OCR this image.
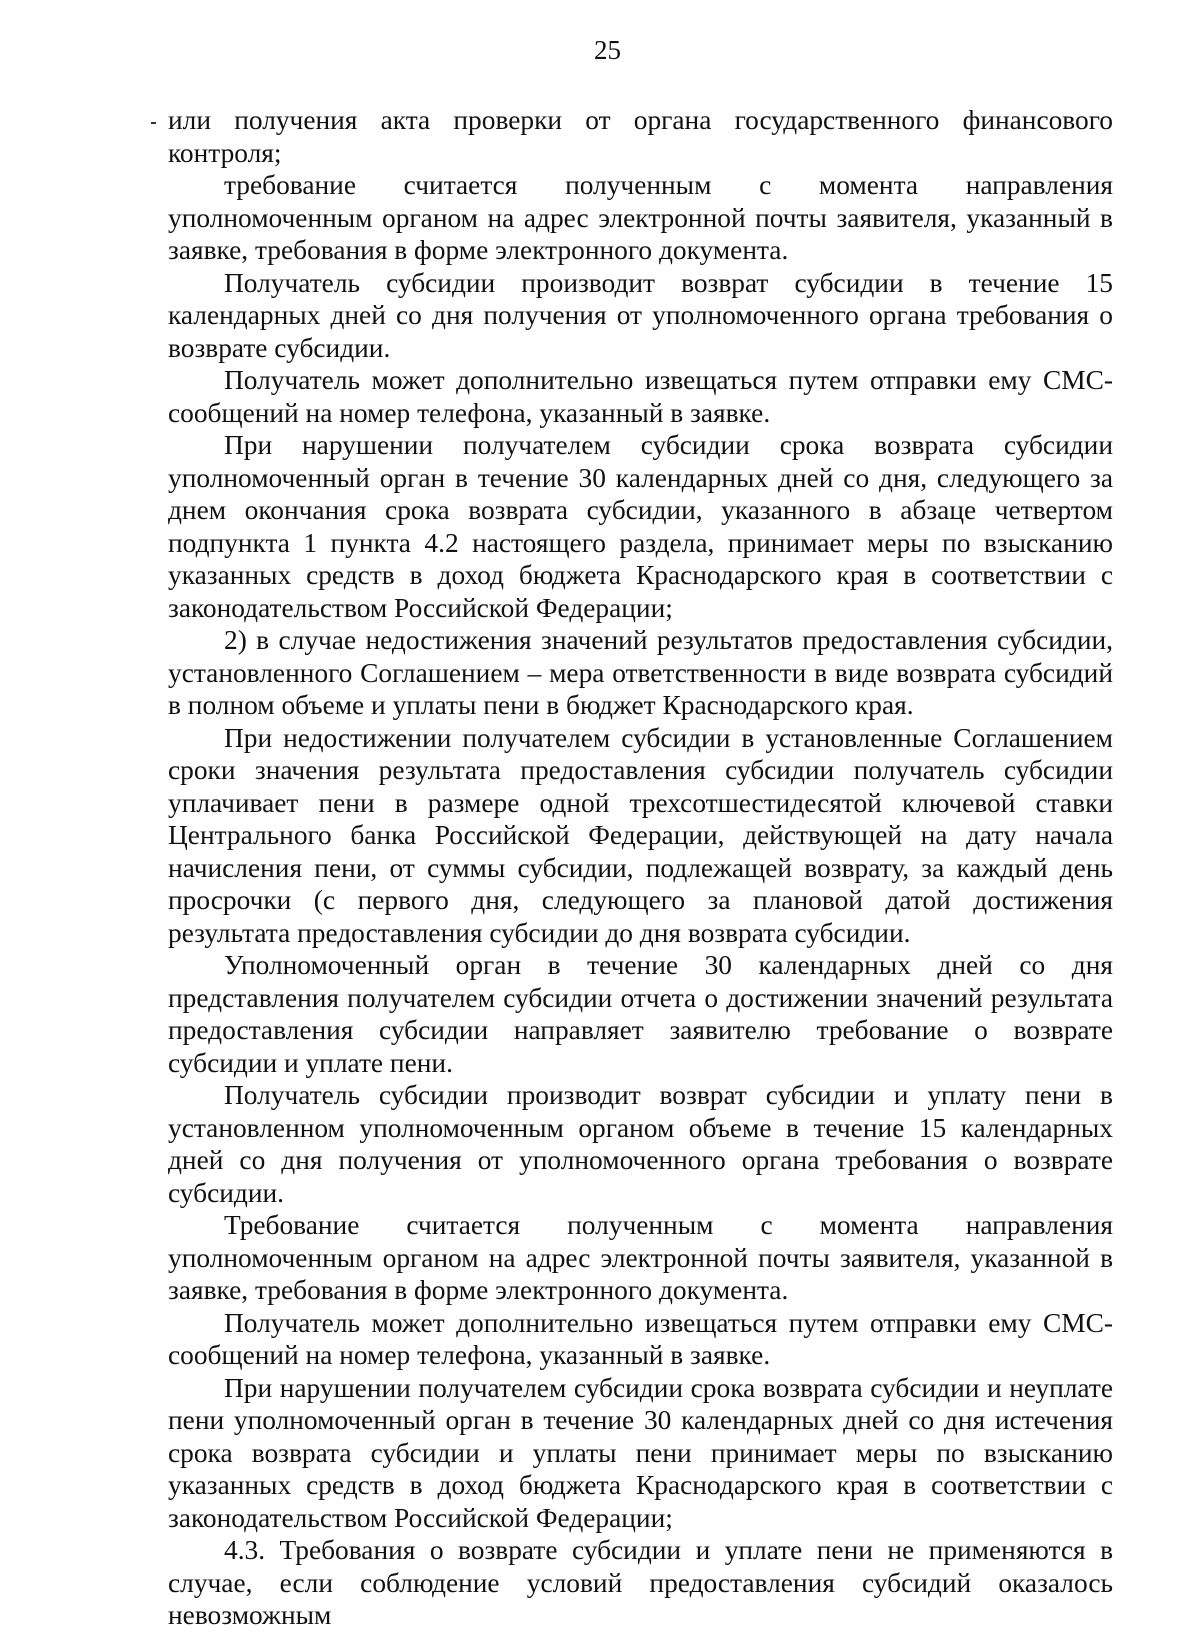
25

или получения акта проверки от органа государственного финансового контроля;

требование считается полученным с момента направления уполномоченным органом на адрес электронной почты заявителя, указанный в заявке, требования в форме электронного документа.

Получатель субсидии производит возврат субсидии в течение 15 календарных дней со дня получения от уполномоченного органа требования о возврате субсидии.

Получатель может дополнительно извещаться путем отправки ему СМС-сообщений на номер телефона, указанный в заявке.

При нарушении получателем субсидии срока возврата субсидии уполномоченный орган в течение 30 календарных дней со дня, следующего за днем окончания срока возврата субсидии, указанного в абзаце четвертом подпункта 1 пункта 4.2 настоящего раздела, принимает меры по взысканию указанных средств в доход бюджета Краснодарского края в соответствии с законодательством Российской Федерации;

2) в случае недостижения значений результатов предоставления субсидии, установленного Соглашением – мера ответственности в виде возврата субсидий в полном объеме и уплаты пени в бюджет Краснодарского края.

При недостижении получателем субсидии в установленные Соглашением сроки значения результата предоставления субсидии получатель субсидии уплачивает пени в размере одной трехсотшестидесятой ключевой ставки Центрального банка Российской Федерации, действующей на дату начала начисления пени, от суммы субсидии, подлежащей возврату, за каждый день просрочки (с первого дня, следующего за плановой датой достижения результата предоставления субсидии до дня возврата субсидии.

Уполномоченный орган в течение 30 календарных дней со дня представления получателем субсидии отчета о достижении значений результата предоставления субсидии направляет заявителю требование о возврате субсидии и уплате пени.

Получатель субсидии производит возврат субсидии и уплату пени в установленном уполномоченным органом объеме в течение 15 календарных дней со дня получения от уполномоченного органа требования о возврате субсидии.

Требование считается полученным с момента направления уполномоченным органом на адрес электронной почты заявителя, указанной в заявке, требования в форме электронного документа.

Получатель может дополнительно извещаться путем отправки ему СМС-сообщений на номер телефона, указанный в заявке.

При нарушении получателем субсидии срока возврата субсидии и неуплате пени уполномоченный орган в течение 30 календарных дней со дня истечения срока возврата субсидии и уплаты пени принимает меры по взысканию указанных средств в доход бюджета Краснодарского края в соответствии с законодательством Российской Федерации;

4.3. Требования о возврате субсидии и уплате пени не применяются в случае, если соблюдение условий предоставления субсидий оказалось невозможным
